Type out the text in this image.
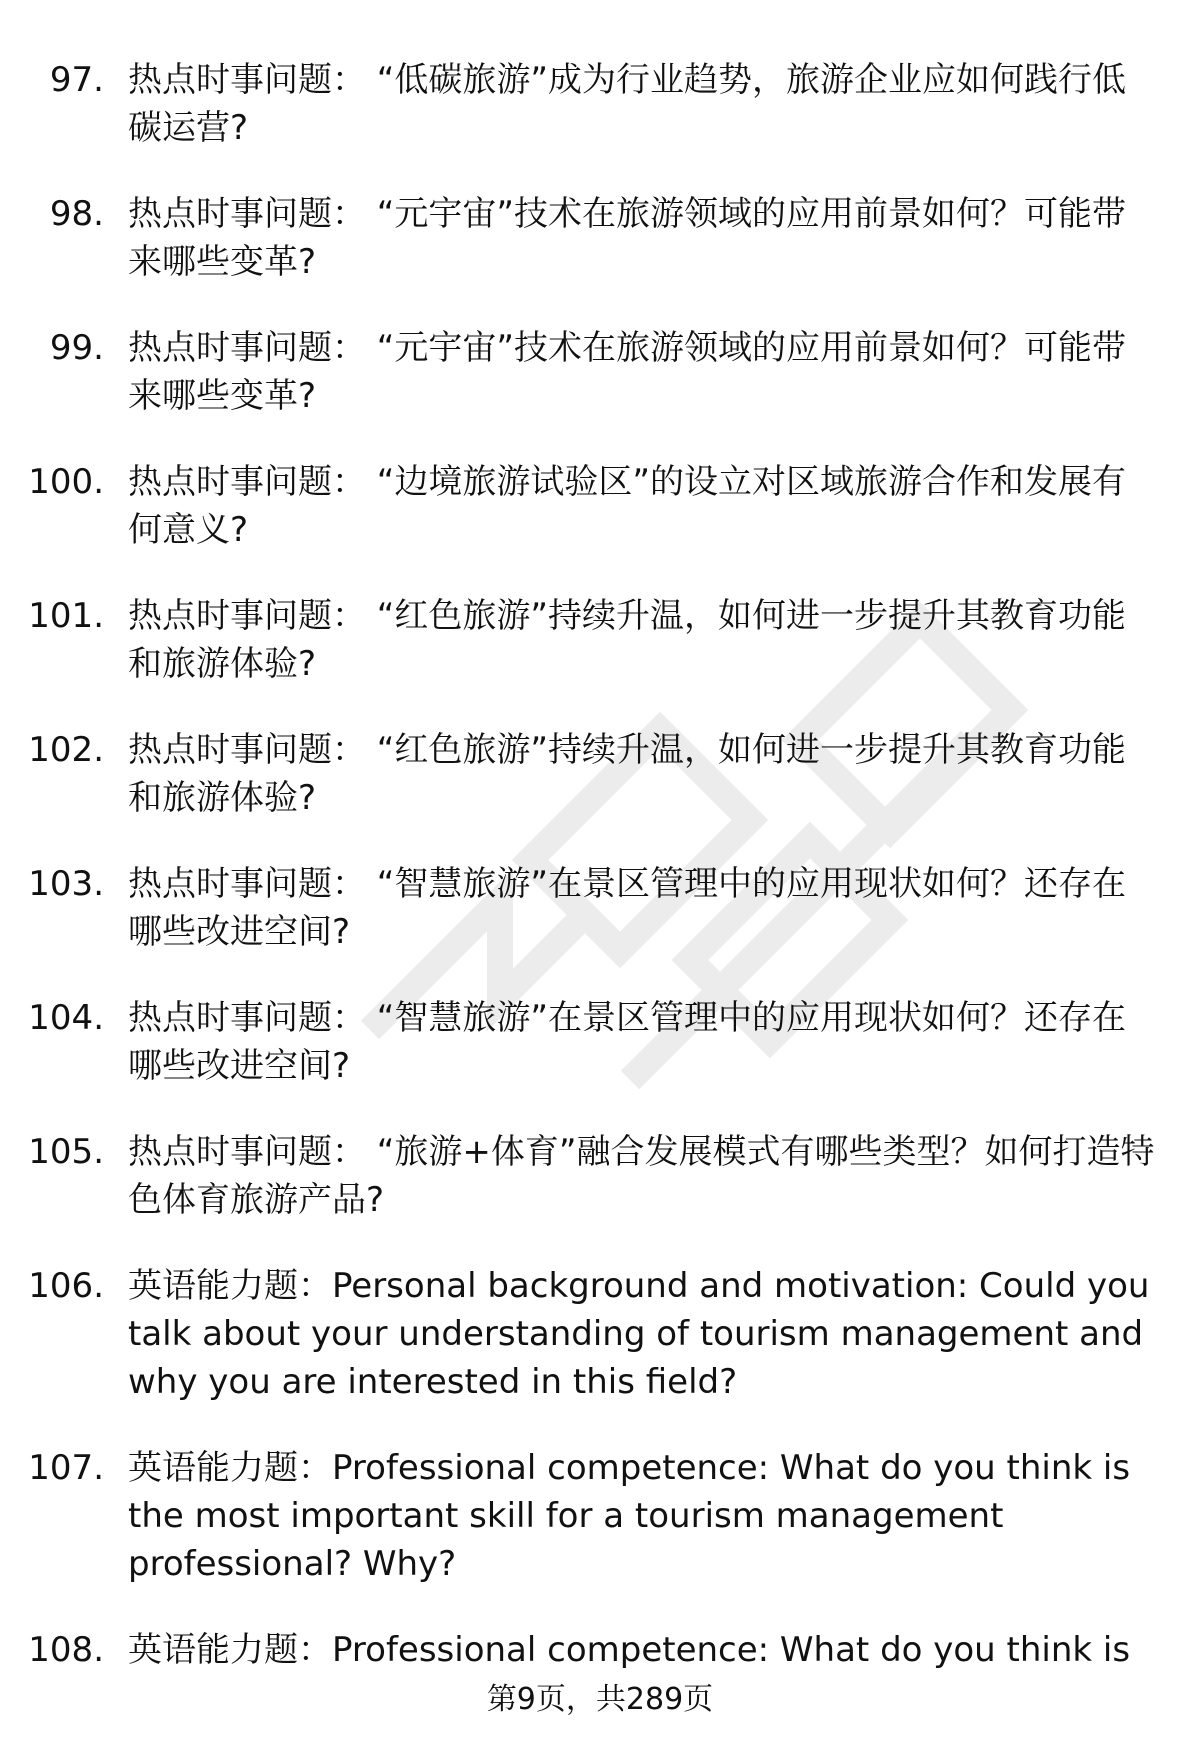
97. 热点时事问题： “低碳旅游”成为行业趋势，旅游企业应如何践行低碳运营?
98. 热点时事问题： “元宇宙”技术在旅游领域的应用前景如何？可能带来哪些变革?
99. 热点时事问题： “元宇宙”技术在旅游领域的应用前景如何？可能带来哪些变革?
100. 热点时事问题： “边境旅游试验区”的设立对区域旅游合作和发展有何意义?
101. 热点时事问题： “红色旅游”持续升温，如何进一步提升其教育功能和旅游体验?
102. 热点时事问题： “红色旅游”持续升温，如何进一步提升其教育功能和旅游体验?
103. 热点时事问题： “智慧旅游”在景区管理中的应用现状如何？还存在哪些改进空间?
104. 热点时事问题： “智慧旅游”在景区管理中的应用现状如何？还存在哪些改进空间?
105. 热点时事问题： “旅游+体育”融合发展模式有哪些类型？如何打造特色体育旅游产品?
106. 英语能力题：Personal background and motivation: Could you talk about your understanding of tourism management and why you are interested in this field?
107. 英语能力题：Professional competence: What do you think is the most important skill for a tourism management professional? Why?
108. 英语能力题：Professional competence: What do you think is
第9页，共289页
